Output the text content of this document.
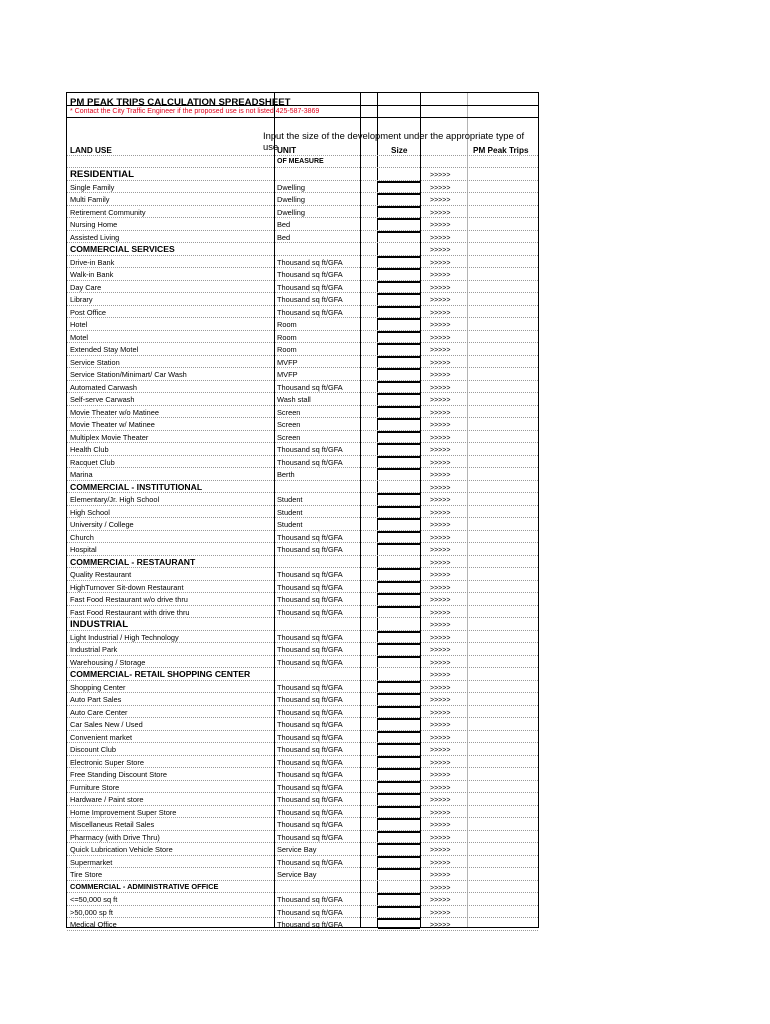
PM PEAK TRIPS CALCULATION SPREADSHEET
* Contact the City Traffic Engineer if the proposed use is not listed 425-587-3869
Input the size of the development under the appropriate type of use
LAND USE	UNIT	Size	PM Peak Trips
OF MEASURE
RESIDENTIAL	>>>>>
Single Family	Dwelling	>>>>>
Multi Family	Dwelling	>>>>>
Retirement Community	Dwelling	>>>>>
Nursing Home	Bed	>>>>>
Assisted Living	Bed	>>>>>
COMMERCIAL SERVICES	>>>>>
Drive-in Bank	Thousand sq ft/GFA	>>>>>
Walk-in Bank	Thousand sq ft/GFA	>>>>>
Day Care	Thousand sq ft/GFA	>>>>>
Library	Thousand sq ft/GFA	>>>>>
Post Office	Thousand sq ft/GFA	>>>>>
Hotel	Room	>>>>>
Motel	Room	>>>>>
Extended Stay Motel	Room	>>>>>
Service Station	MVFP	>>>>>
Service Station/Minimart/ Car Wash	MVFP	>>>>>
Automated Carwash	Thousand sq ft/GFA	>>>>>
Self-serve Carwash	Wash stall	>>>>>
Movie Theater w/o Matinee	Screen	>>>>>
Movie Theater w/ Matinee	Screen	>>>>>
Multiplex Movie Theater	Screen	>>>>>
Health Club	Thousand sq ft/GFA	>>>>>
Racquet Club	Thousand sq ft/GFA	>>>>>
Marina	Berth	>>>>>
COMMERCIAL - INSTITUTIONAL	>>>>>
Elementary/Jr. High School	Student	>>>>>
High School	Student	>>>>>
University / College	Student	>>>>>
Church	Thousand sq ft/GFA	>>>>>
Hospital	Thousand sq ft/GFA	>>>>>
COMMERCIAL - RESTAURANT	>>>>>
Quality Restaurant	Thousand sq ft/GFA	>>>>>
HighTurnover Sit-down Restaurant	Thousand sq ft/GFA	>>>>>
Fast Food Restaurant w/o drive thru	Thousand sq ft/GFA	>>>>>
Fast Food Restaurant with drive thru	Thousand sq ft/GFA	>>>>>
INDUSTRIAL	>>>>>
Light Industrial / High Technology	Thousand sq ft/GFA	>>>>>
Industrial Park	Thousand sq ft/GFA	>>>>>
Warehousing / Storage	Thousand sq ft/GFA	>>>>>
COMMERCIAL- RETAIL SHOPPING CENTER	>>>>>
Shopping Center	Thousand sq ft/GFA	>>>>>
Auto Part Sales	Thousand sq ft/GFA	>>>>>
Auto Care Center	Thousand sq ft/GFA	>>>>>
Car Sales New / Used	Thousand sq ft/GFA	>>>>>
Convenient market	Thousand sq ft/GFA	>>>>>
Discount Club	Thousand sq ft/GFA	>>>>>
Electronic Super Store	Thousand sq ft/GFA	>>>>>
Free Standing Discount Store	Thousand sq ft/GFA	>>>>>
Furniture Store	Thousand sq ft/GFA	>>>>>
Hardware / Paint store	Thousand sq ft/GFA	>>>>>
Home Improvement Super Store	Thousand sq ft/GFA	>>>>>
Miscellaneus Retail Sales	Thousand sq ft/GFA	>>>>>
Pharmacy (with Drive Thru)	Thousand sq ft/GFA	>>>>>
Quick Lubrication Vehicle Store	Service Bay	>>>>>
Supermarket	Thousand sq ft/GFA	>>>>>
Tire Store	Service Bay	>>>>>
COMMERCIAL - ADMINISTRATIVE OFFICE	>>>>>
<=50,000 sq ft	Thousand sq ft/GFA	>>>>>
>50,000 sp ft	Thousand sq ft/GFA	>>>>>
Medical Office	Thousand sq ft/GFA	>>>>>
